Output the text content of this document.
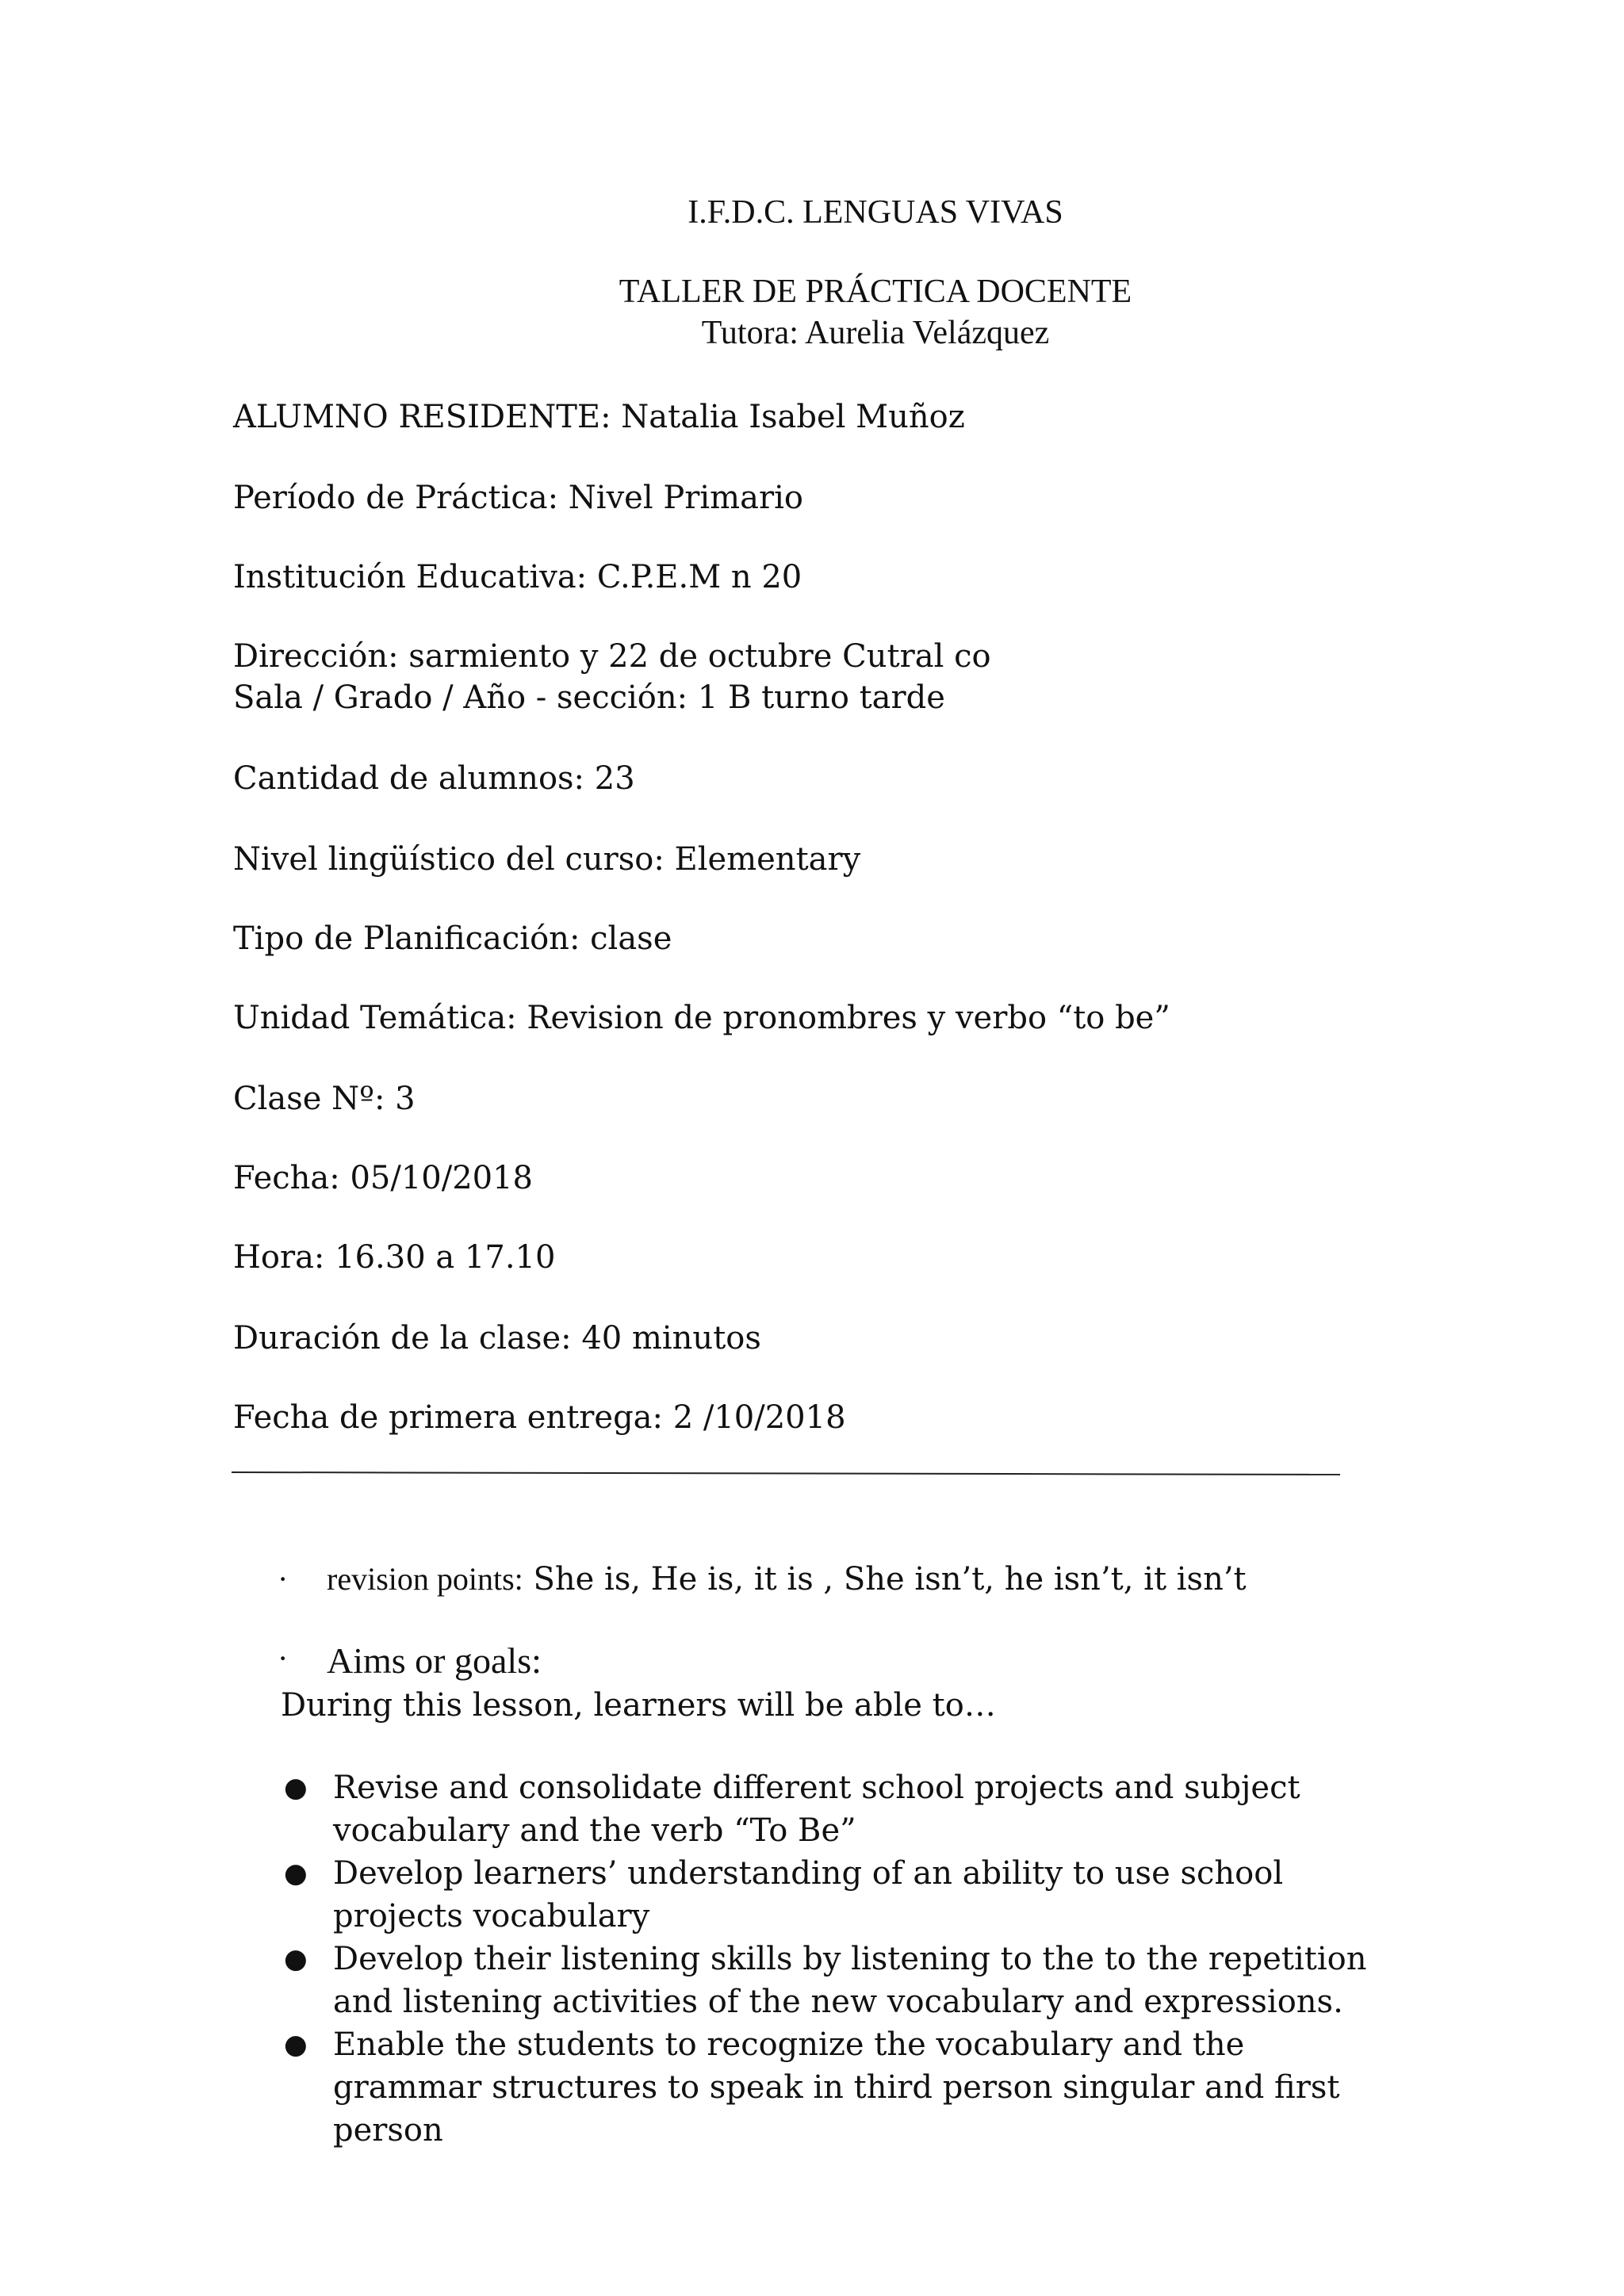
I.F.D.C. LENGUAS VIVAS
TALLER DE PRÁCTICA DOCENTE
Tutora: Aurelia Velázquez
ALUMNO RESIDENTE: Natalia Isabel Muñoz
Período de Práctica: Nivel Primario
Institución Educativa: C.P.E.M n 20
Dirección: sarmiento y 22 de octubre Cutral co
Sala / Grado / Año - sección: 1 B turno tarde
Cantidad de alumnos: 23
Nivel lingüístico del curso: Elementary
Tipo de Planificación: clase
Unidad Temática: Revision de pronombres y verbo “to be”
Clase Nº: 3
Fecha: 05/10/2018
Hora: 16.30 a 17.10
Duración de la clase: 40 minutos
Fecha de primera entrega: 2 /10/2018
· revision points: She is, He is, it is , She isn’t, he isn’t, it isn’t
· Aims or goals:
During this lesson, learners will be able to…
● Revise and consolidate different school projects and subject vocabulary and the verb “To Be”
● Develop learners’ understanding of an ability to use school projects vocabulary
● Develop their listening skills by listening to the to the repetition and listening activities of the new vocabulary and expressions.
● Enable the students to recognize the vocabulary and the grammar structures to speak in third person singular and first person
